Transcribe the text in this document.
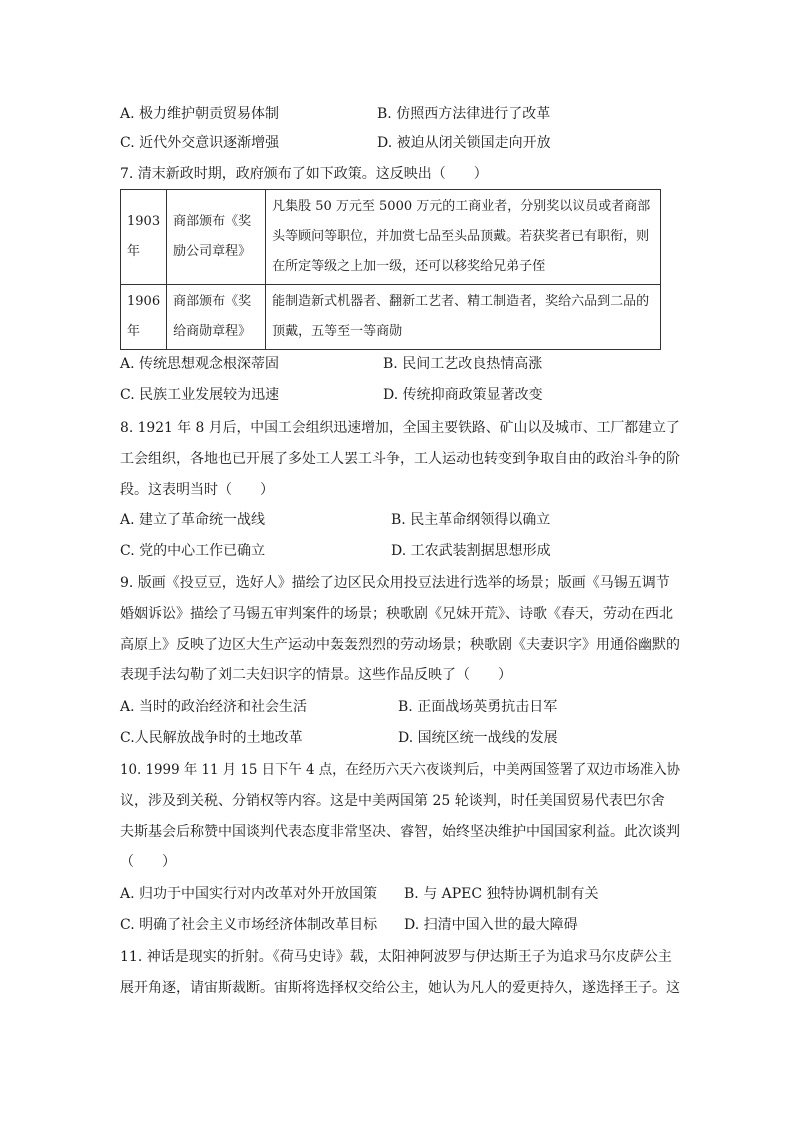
A. 极力维护朝贡贸易体制	B. 仿照西方法律进行了改革
C. 近代外交意识逐渐增强	D. 被迫从闭关锁国走向开放
7. 清末新政时期，政府颁布了如下政策。这反映出（　　）
1903年	商部颁布《奖励公司章程》	凡集股 50 万元至 5000 万元的工商业者，分别奖以议员或者商部头等顾问等职位，并加赏七品至头品顶戴。若获奖者已有职衔，则在所定等级之上加一级，还可以移奖给兄弟子侄
1906年	商部颁布《奖给商勋章程》	能制造新式机器者、翻新工艺者、精工制造者，奖给六品到二品的顶戴，五等至一等商勋
A. 传统思想观念根深蒂固	B. 民间工艺改良热情高涨
C. 民族工业发展较为迅速	D. 传统抑商政策显著改变
8. 1921 年 8 月后，中国工会组织迅速增加，全国主要铁路、矿山以及城市、工厂都建立了
工会组织，各地也已开展了多处工人罢工斗争，工人运动也转变到争取自由的政治斗争的阶
段。这表明当时（　　）
A. 建立了革命统一战线	B. 民主革命纲领得以确立
C. 党的中心工作已确立	D. 工农武装割据思想形成
9. 版画《投豆豆，选好人》描绘了边区民众用投豆法进行选举的场景；版画《马锡五调节
婚姻诉讼》描绘了马锡五审判案件的场景；秧歌剧《兄妹开荒》、诗歌《春天，劳动在西北
高原上》反映了边区大生产运动中轰轰烈烈的劳动场景；秧歌剧《夫妻识字》用通俗幽默的
表现手法勾勒了刘二夫妇识字的情景。这些作品反映了（　　）
A. 当时的政治经济和社会生活	B. 正面战场英勇抗击日军
C.人民解放战争时的土地改革	D. 国统区统一战线的发展
10. 1999 年 11 月 15 日下午 4 点，在经历六天六夜谈判后，中美两国签署了双边市场准入协
议，涉及到关税、分销权等内容。这是中美两国第 25 轮谈判，时任美国贸易代表巴尔舍
夫斯基会后称赞中国谈判代表态度非常坚决、睿智，始终坚决维护中国国家利益。此次谈判
（　　）
A. 归功于中国实行对内改革对外开放国策 B. 与 APEC 独特协调机制有关
C. 明确了社会主义市场经济体制改革目标 D. 扫清中国入世的最大障碍
11. 神话是现实的折射。《荷马史诗》载，太阳神阿波罗与伊达斯王子为追求马尔皮萨公主
展开角逐，请宙斯裁断。宙斯将选择权交给公主，她认为凡人的爱更持久，遂选择王子。这
